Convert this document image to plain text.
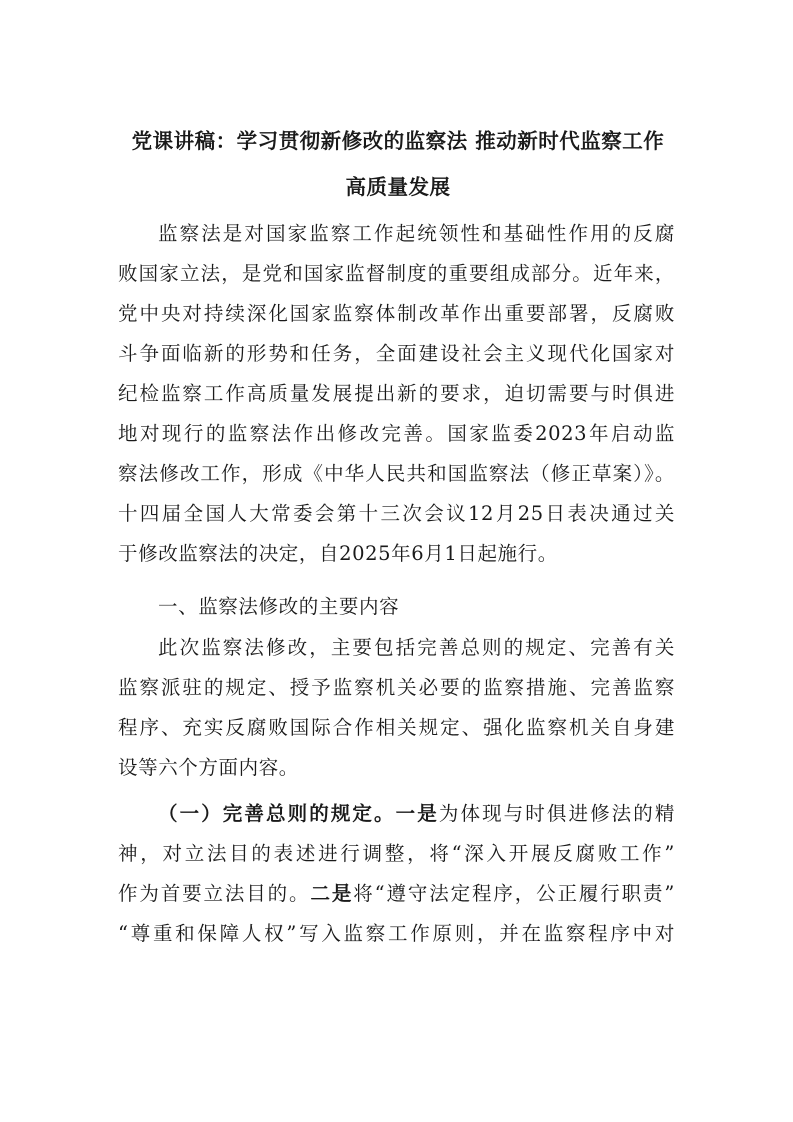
党课讲稿：学习贯彻新修改的监察法 推动新时代监察工作
高质量发展
监察法是对国家监察工作起统领性和基础性作用的反腐
败国家立法，是党和国家监督制度的重要组成部分。近年来，
党中央对持续深化国家监察体制改革作出重要部署，反腐败
斗争面临新的形势和任务，全面建设社会主义现代化国家对
纪检监察工作高质量发展提出新的要求，迫切需要与时俱进
地对现行的监察法作出修改完善。国家监委2023年启动监
察法修改工作，形成《中华人民共和国监察法（修正草案）》。
十四届全国人大常委会第十三次会议12月25日表决通过关
于修改监察法的决定，自2025年6月1日起施行。
一、监察法修改的主要内容
此次监察法修改，主要包括完善总则的规定、完善有关
监察派驻的规定、授予监察机关必要的监察措施、完善监察
程序、充实反腐败国际合作相关规定、强化监察机关自身建
设等六个方面内容。
（一）完善总则的规定。一是为体现与时俱进修法的精
神，对立法目的表述进行调整，将“深入开展反腐败工作”
作为首要立法目的。二是将“遵守法定程序，公正履行职责”
“尊重和保障人权”写入监察工作原则，并在监察程序中对
